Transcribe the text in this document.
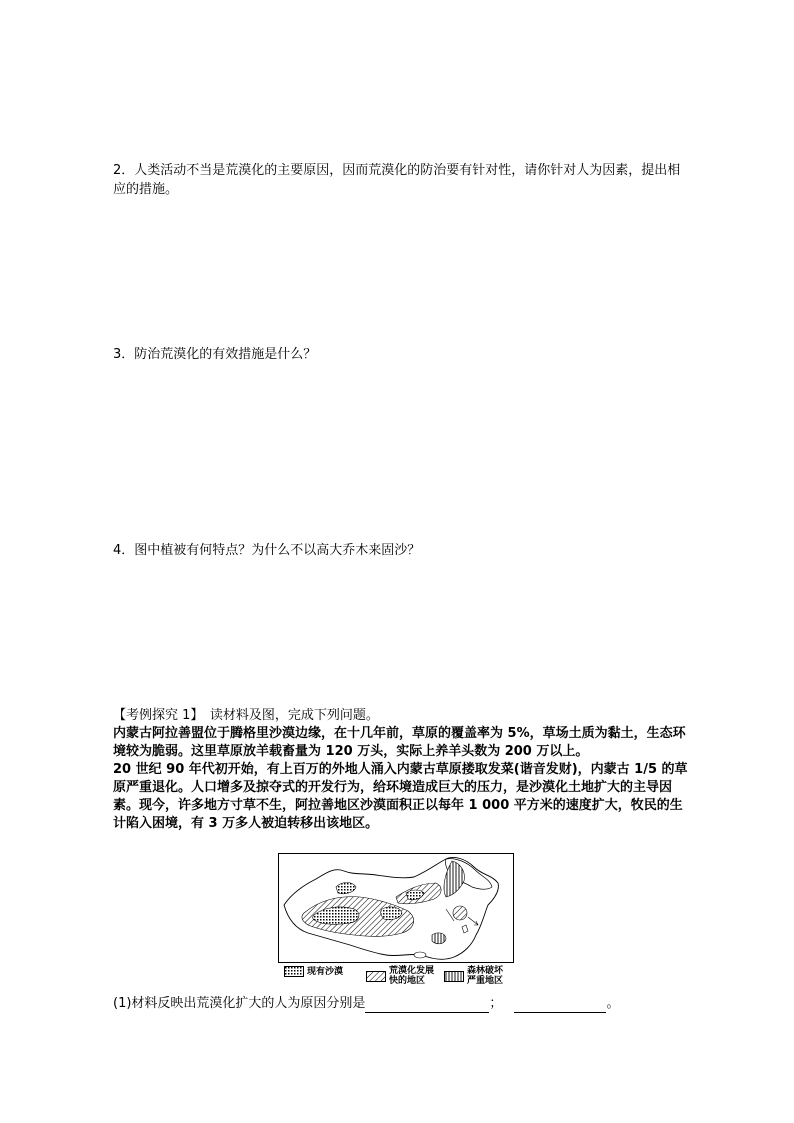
2．人类活动不当是荒漠化的主要原因，因而荒漠化的防治要有针对性，请你针对人为因素，提出相应的措施。
3．防治荒漠化的有效措施是什么？
4．图中植被有何特点？为什么不以高大乔木来固沙？

【考例探究 1】　读材料及图，完成下列问题。

内蒙古阿拉善盟位于腾格里沙漠边缘，在十几年前，草原的覆盖率为 5%，草场土质为黏土，生态环境较为脆弱。这里草原放羊载畜量为 120 万头，实际上养羊头数为 200 万以上。

20 世纪 90 年代初开始，有上百万的外地人涌入内蒙古草原搂取发菜(谐音发财)，内蒙古 1/5 的草原严重退化。人口增多及掠夺式的开发行为，给环境造成巨大的压力，是沙漠化土地扩大的主导因素。现今，许多地方寸草不生，阿拉善地区沙漠面积正以每年 1 000 平方米的速度扩大，牧民的生计陷入困境，有 3 万多人被迫转移出该地区。

现有沙漠	荒漠化发展
快的地区
森林破坏
严重地区
(1)材料反映出荒漠化扩大的人为原因分别是	；	。
